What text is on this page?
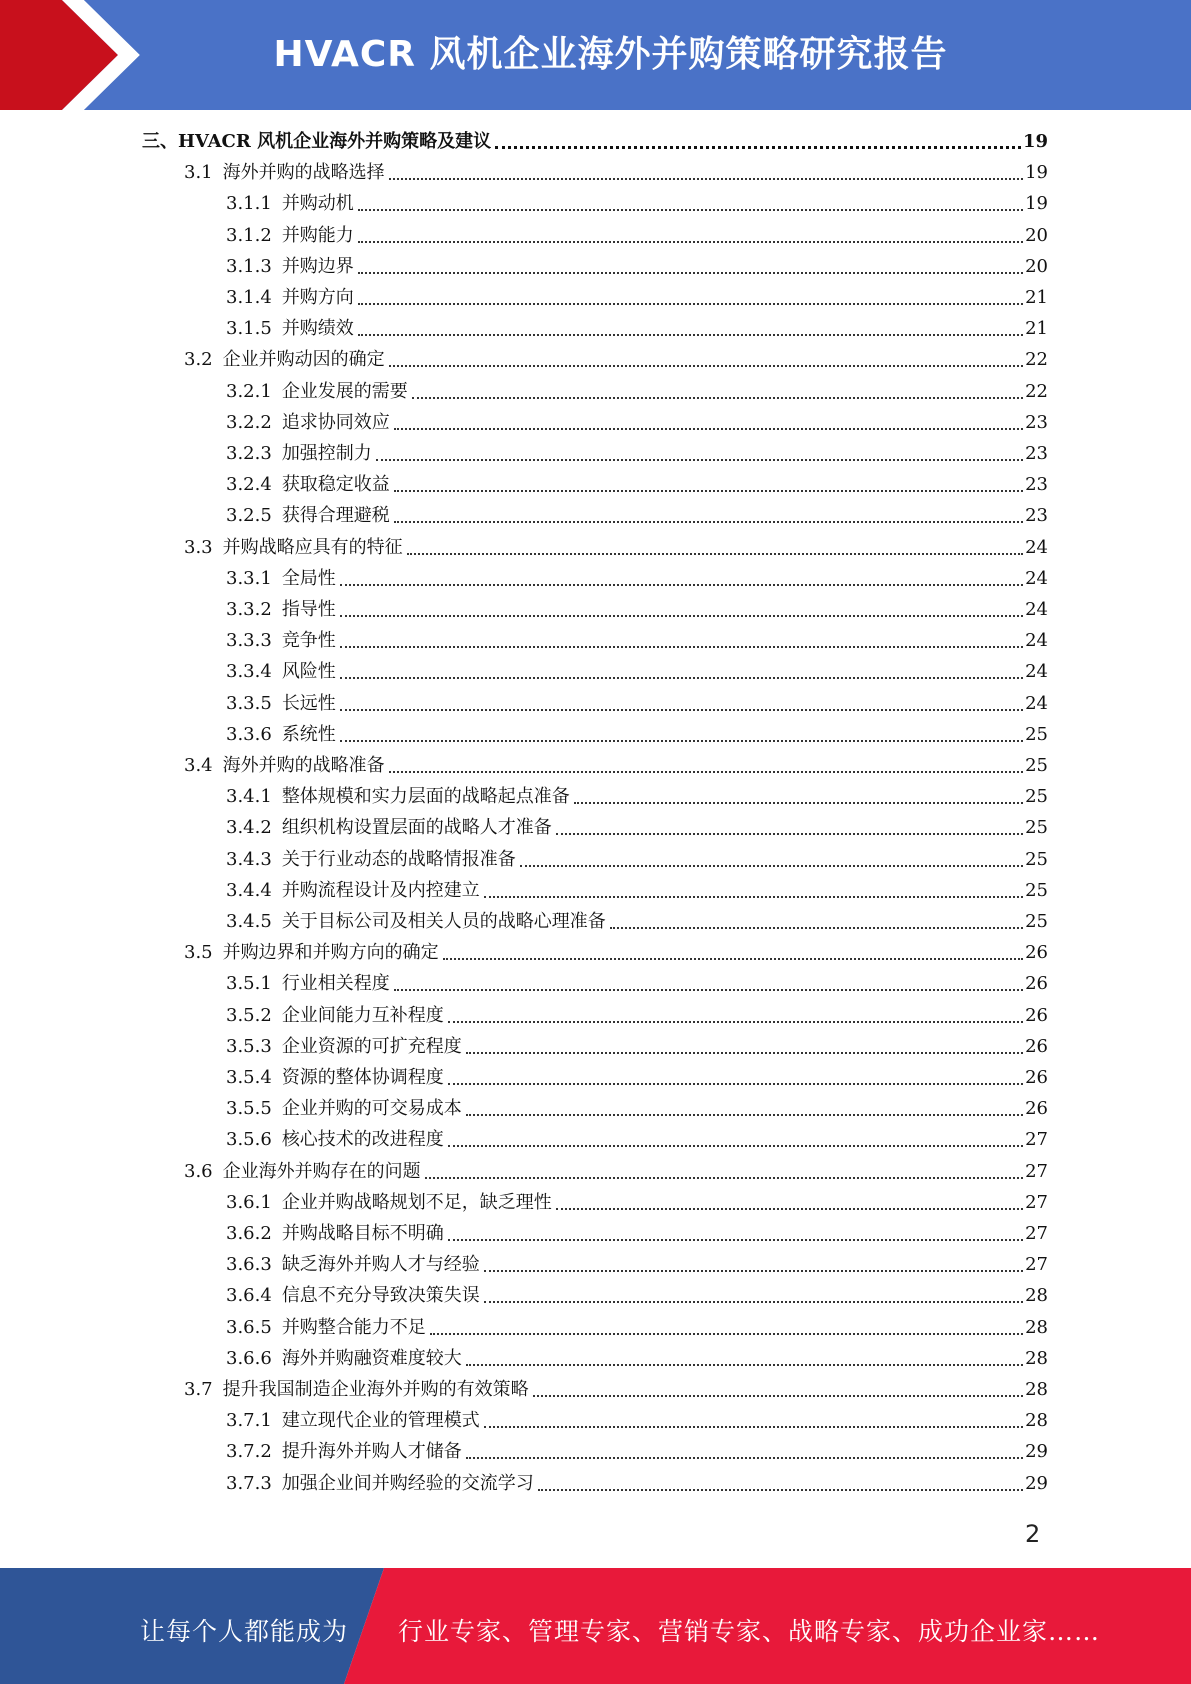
HVACR 风机企业海外并购策略研究报告
三、 HVACR 风机企业海外并购策略及建议	19
3.1 海外并购的战略选择	19
3.1.1 并购动机	19
3.1.2 并购能力	20
3.1.3 并购边界	20
3.1.4 并购方向	21
3.1.5 并购绩效	21
3.2 企业并购动因的确定	22
3.2.1 企业发展的需要	22
3.2.2 追求协同效应	23
3.2.3 加强控制力	23
3.2.4 获取稳定收益	23
3.2.5 获得合理避税	23
3.3 并购战略应具有的特征	24
3.3.1 全局性	24
3.3.2 指导性	24
3.3.3 竞争性	24
3.3.4 风险性	24
3.3.5 长远性	24
3.3.6 系统性	25
3.4 海外并购的战略准备	25
3.4.1 整体规模和实力层面的战略起点准备	25
3.4.2 组织机构设置层面的战略人才准备	25
3.4.3 关于行业动态的战略情报准备	25
3.4.4 并购流程设计及内控建立	25
3.4.5 关于目标公司及相关人员的战略心理准备	25
3.5 并购边界和并购方向的确定	26
3.5.1 行业相关程度	26
3.5.2 企业间能力互补程度	26
3.5.3 企业资源的可扩充程度	26
3.5.4 资源的整体协调程度	26
3.5.5 企业并购的可交易成本	26
3.5.6 核心技术的改进程度	27
3.6 企业海外并购存在的问题	27
3.6.1 企业并购战略规划不足，缺乏理性	27
3.6.2 并购战略目标不明确	27
3.6.3 缺乏海外并购人才与经验	27
3.6.4 信息不充分导致决策失误	28
3.6.5 并购整合能力不足	28
3.6.6 海外并购融资难度较大	28
3.7 提升我国制造企业海外并购的有效策略	28
3.7.1 建立现代企业的管理模式	28
3.7.2 提升海外并购人才储备	29
3.7.3 加强企业间并购经验的交流学习	29
2
让每个人都能成为 行业专家、管理专家、营销专家、战略专家、成功企业家……
